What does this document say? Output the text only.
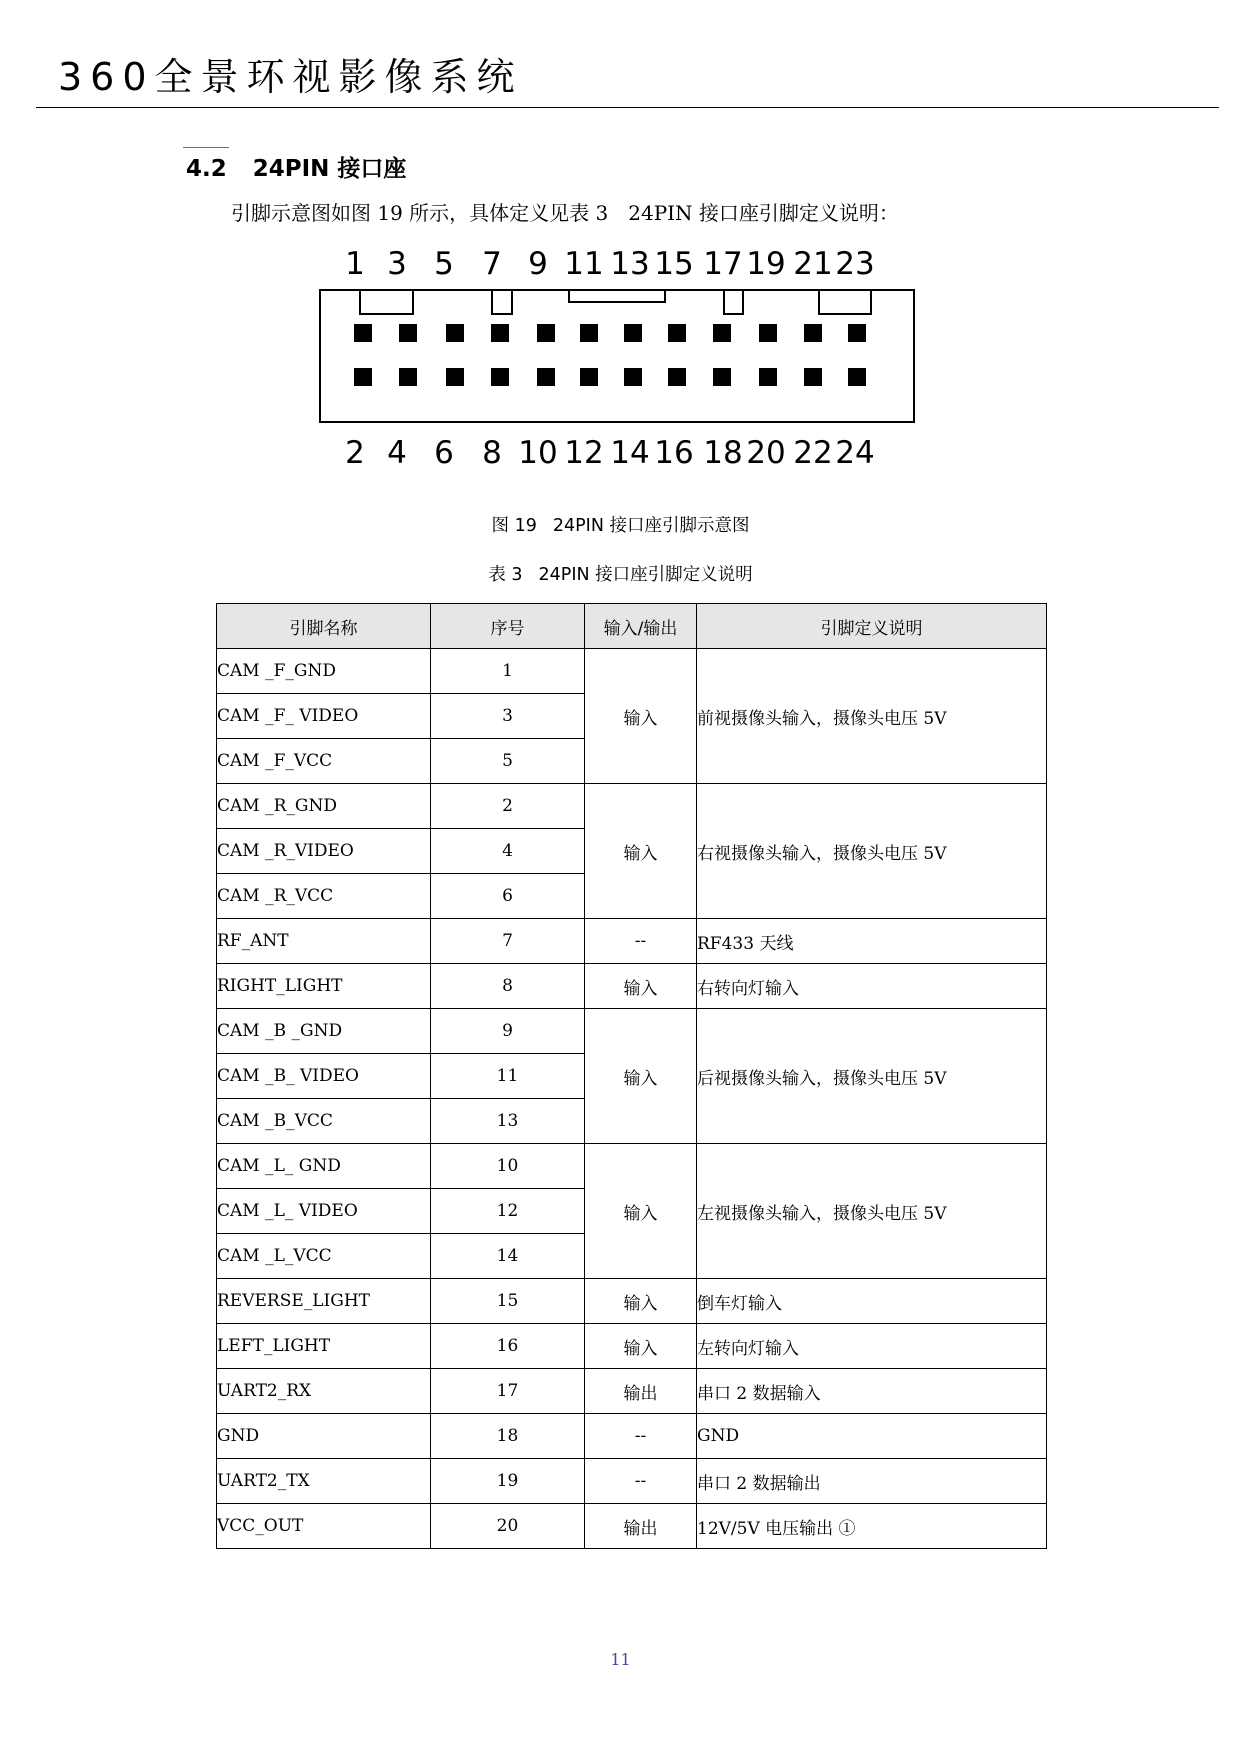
360全景环视影像系统
4.2 24PIN 接口座
引脚示意图如图 19 所示，具体定义见表 3　24PIN 接口座引脚定义说明：
1 3 5 7 9 11 13 15 17 19 21 23
2 4 6 8 10 12 14 16 18 20 22 24
图 19 24PIN 接口座引脚示意图
表 3 24PIN 接口座引脚定义说明
引脚名称	序号	输入/输出	引脚定义说明
CAM _F_GND	1	输入	前视摄像头输入，摄像头电压 5V
CAM _F_ VIDEO	3		
CAM _F_VCC	5		
CAM _R_GND	2	输入	右视摄像头输入，摄像头电压 5V
CAM _R_VIDEO	4		
CAM _R_VCC	6		
RF_ANT	7	--	RF433 天线
RIGHT_LIGHT	8	输入	右转向灯输入
CAM _B _GND	9	输入	后视摄像头输入，摄像头电压 5V
CAM _B_ VIDEO	11		
CAM _B_VCC	13		
CAM _L_ GND	10	输入	左视摄像头输入，摄像头电压 5V
CAM _L_ VIDEO	12		
CAM _L_VCC	14		
REVERSE_LIGHT	15	输入	倒车灯输入
LEFT_LIGHT	16	输入	左转向灯输入
UART2_RX	17	输出	串口 2 数据输入
GND	18	--	GND
UART2_TX	19	--	串口 2 数据输出
VCC_OUT	20	输出	12V/5V 电压输出 ①
11
